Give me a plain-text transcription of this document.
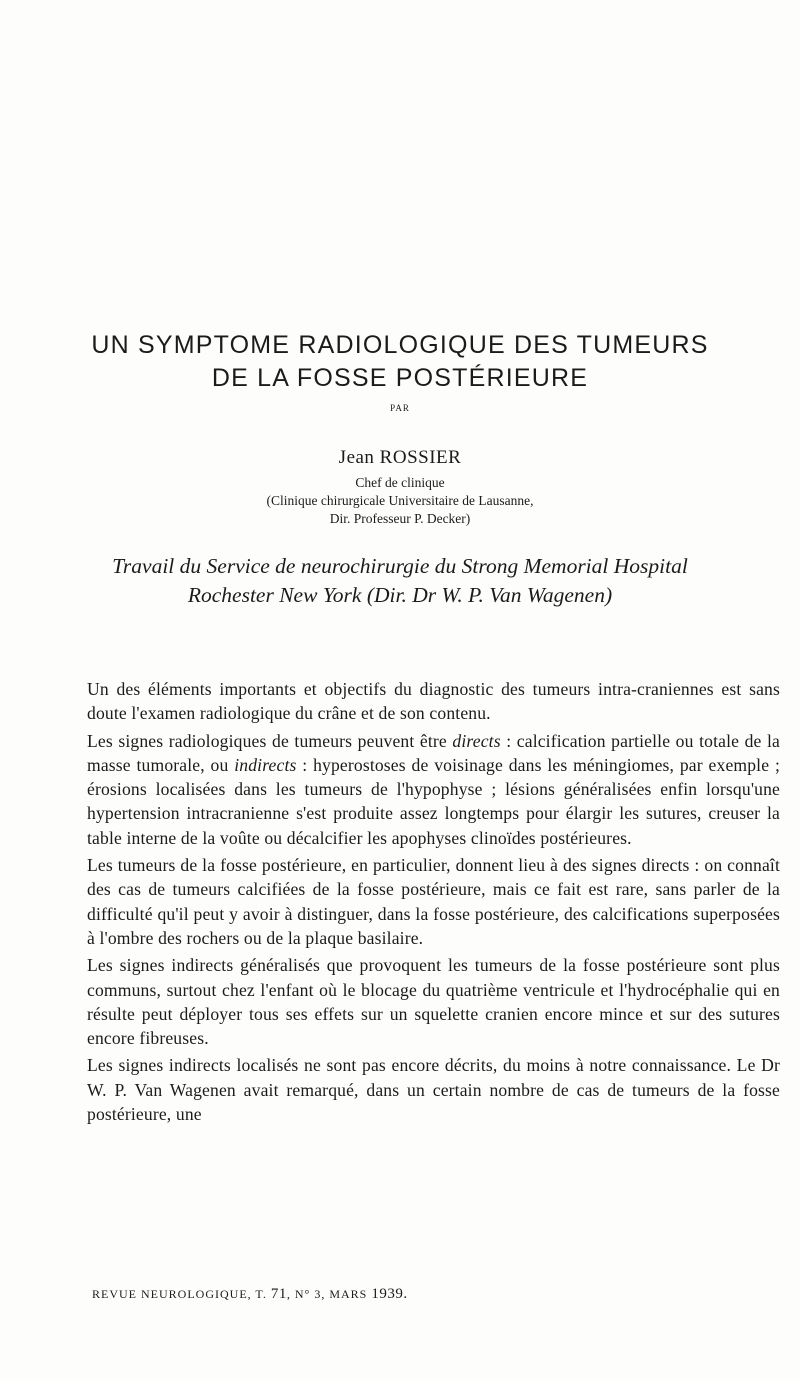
UN SYMPTOME RADIOLOGIQUE DES TUMEURS
DE LA FOSSE POSTÉRIEURE
PAR
Jean ROSSIER
Chef de clinique
(Clinique chirurgicale Universitaire de Lausanne,
Dir. Professeur P. Decker)
Travail du Service de neurochirurgie du Strong Memorial Hospital
Rochester New York (Dir. Dr W. P. Van Wagenen)

Un des éléments importants et objectifs du diagnostic des tumeurs intra-craniennes est sans doute l'examen radiologique du crâne et de son contenu.

Les signes radiologiques de tumeurs peuvent être directs : calcification partielle ou totale de la masse tumorale, ou indirects : hyperostoses de voisinage dans les méningiomes, par exemple ; érosions localisées dans les tumeurs de l'hypophyse ; lésions généralisées enfin lorsqu'une hypertension intracranienne s'est produite assez longtemps pour élargir les sutures, creuser la table interne de la voûte ou décalcifier les apophyses clinoïdes postérieures.

Les tumeurs de la fosse postérieure, en particulier, donnent lieu à des signes directs : on connaît des cas de tumeurs calcifiées de la fosse postérieure, mais ce fait est rare, sans parler de la difficulté qu'il peut y avoir à distinguer, dans la fosse postérieure, des calcifications superposées à l'ombre des rochers ou de la plaque basilaire.

Les signes indirects généralisés que provoquent les tumeurs de la fosse postérieure sont plus communs, surtout chez l'enfant où le blocage du quatrième ventricule et l'hydrocéphalie qui en résulte peut déployer tous ses effets sur un squelette cranien encore mince et sur des sutures encore fibreuses.

Les signes indirects localisés ne sont pas encore décrits, du moins à notre connaissance. Le Dr W. P. Van Wagenen avait remarqué, dans un certain nombre de cas de tumeurs de la fosse postérieure, une

REVUE NEUROLOGIQUE, T. 71, N° 3, MARS 1939.
